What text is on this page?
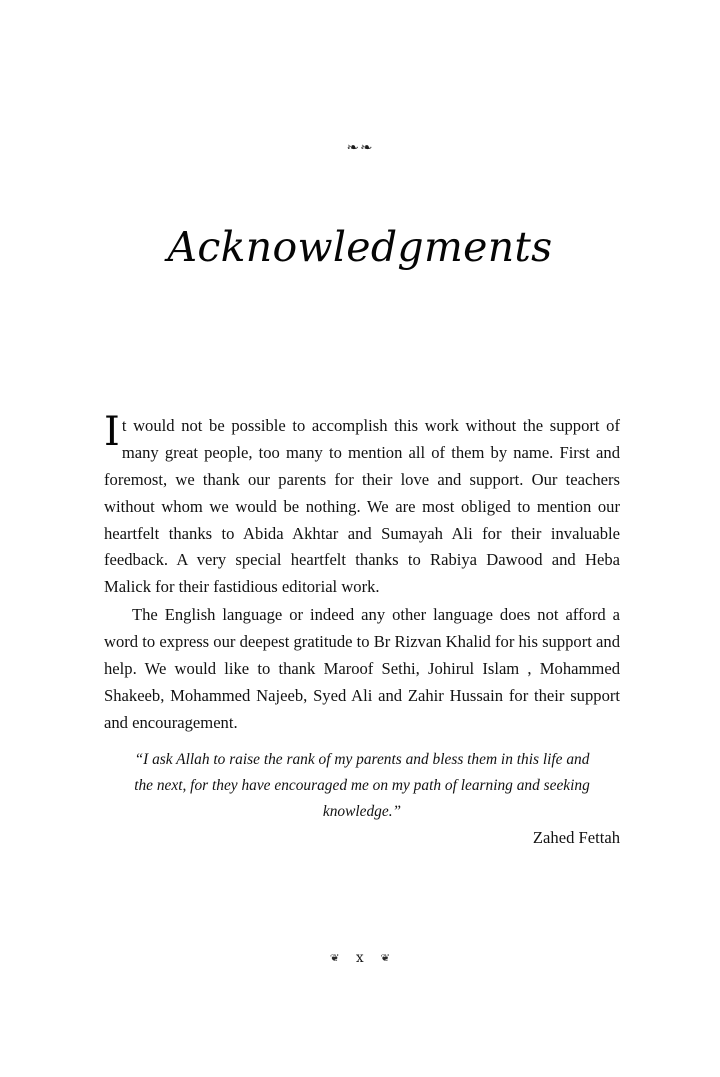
❧❧
Acknowledgments

It would not be possible to accomplish this work without the support of many great people, too many to mention all of them by name. First and foremost, we thank our parents for their love and support. Our teachers without whom we would be nothing. We are most obliged to mention our heartfelt thanks to Abida Akhtar and Sumayah Ali for their invaluable feedback. A very special heartfelt thanks to Rabiya Dawood and Heba Malick for their fastidious editorial work.

The English language or indeed any other language does not afford a word to express our deepest gratitude to Br Rizvan Khalid for his support and help. We would like to thank Maroof Sethi, Johirul Islam , Mohammed Shakeeb, Mohammed Najeeb, Syed Ali and Zahir Hussain for their support and encouragement.

“I ask Allah to raise the rank of my parents and bless them in this life and the next, for they have encouraged me on my path of learning and seeking knowledge.”
Zahed Fettah
❦ x ❦
